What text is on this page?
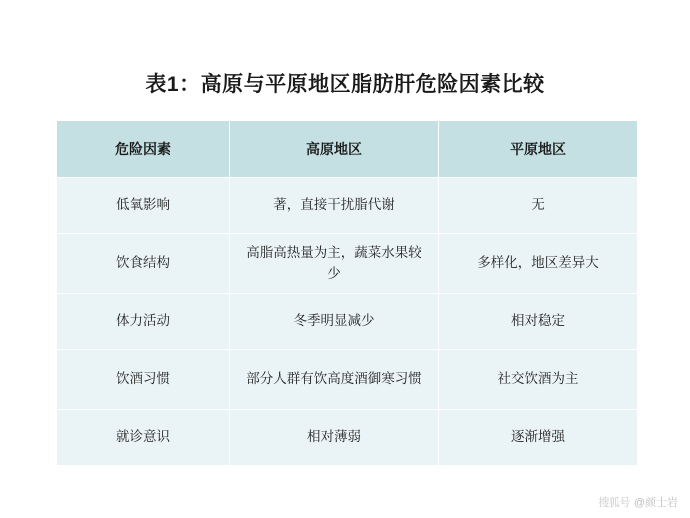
表1：高原与平原地区脂肪肝危险因素比较
危险因素	高原地区	平原地区

低氧影响	著，直接干扰脂代谢	无

饮食结构	高脂高热量为主，蔬菜水果较少	多样化，地区差异大

体力活动	冬季明显减少	相对稳定

饮酒习惯	部分人群有饮高度酒御寒习惯	社交饮酒为主

就诊意识	相对薄弱	逐渐增强
搜狐号 @颜士岩
